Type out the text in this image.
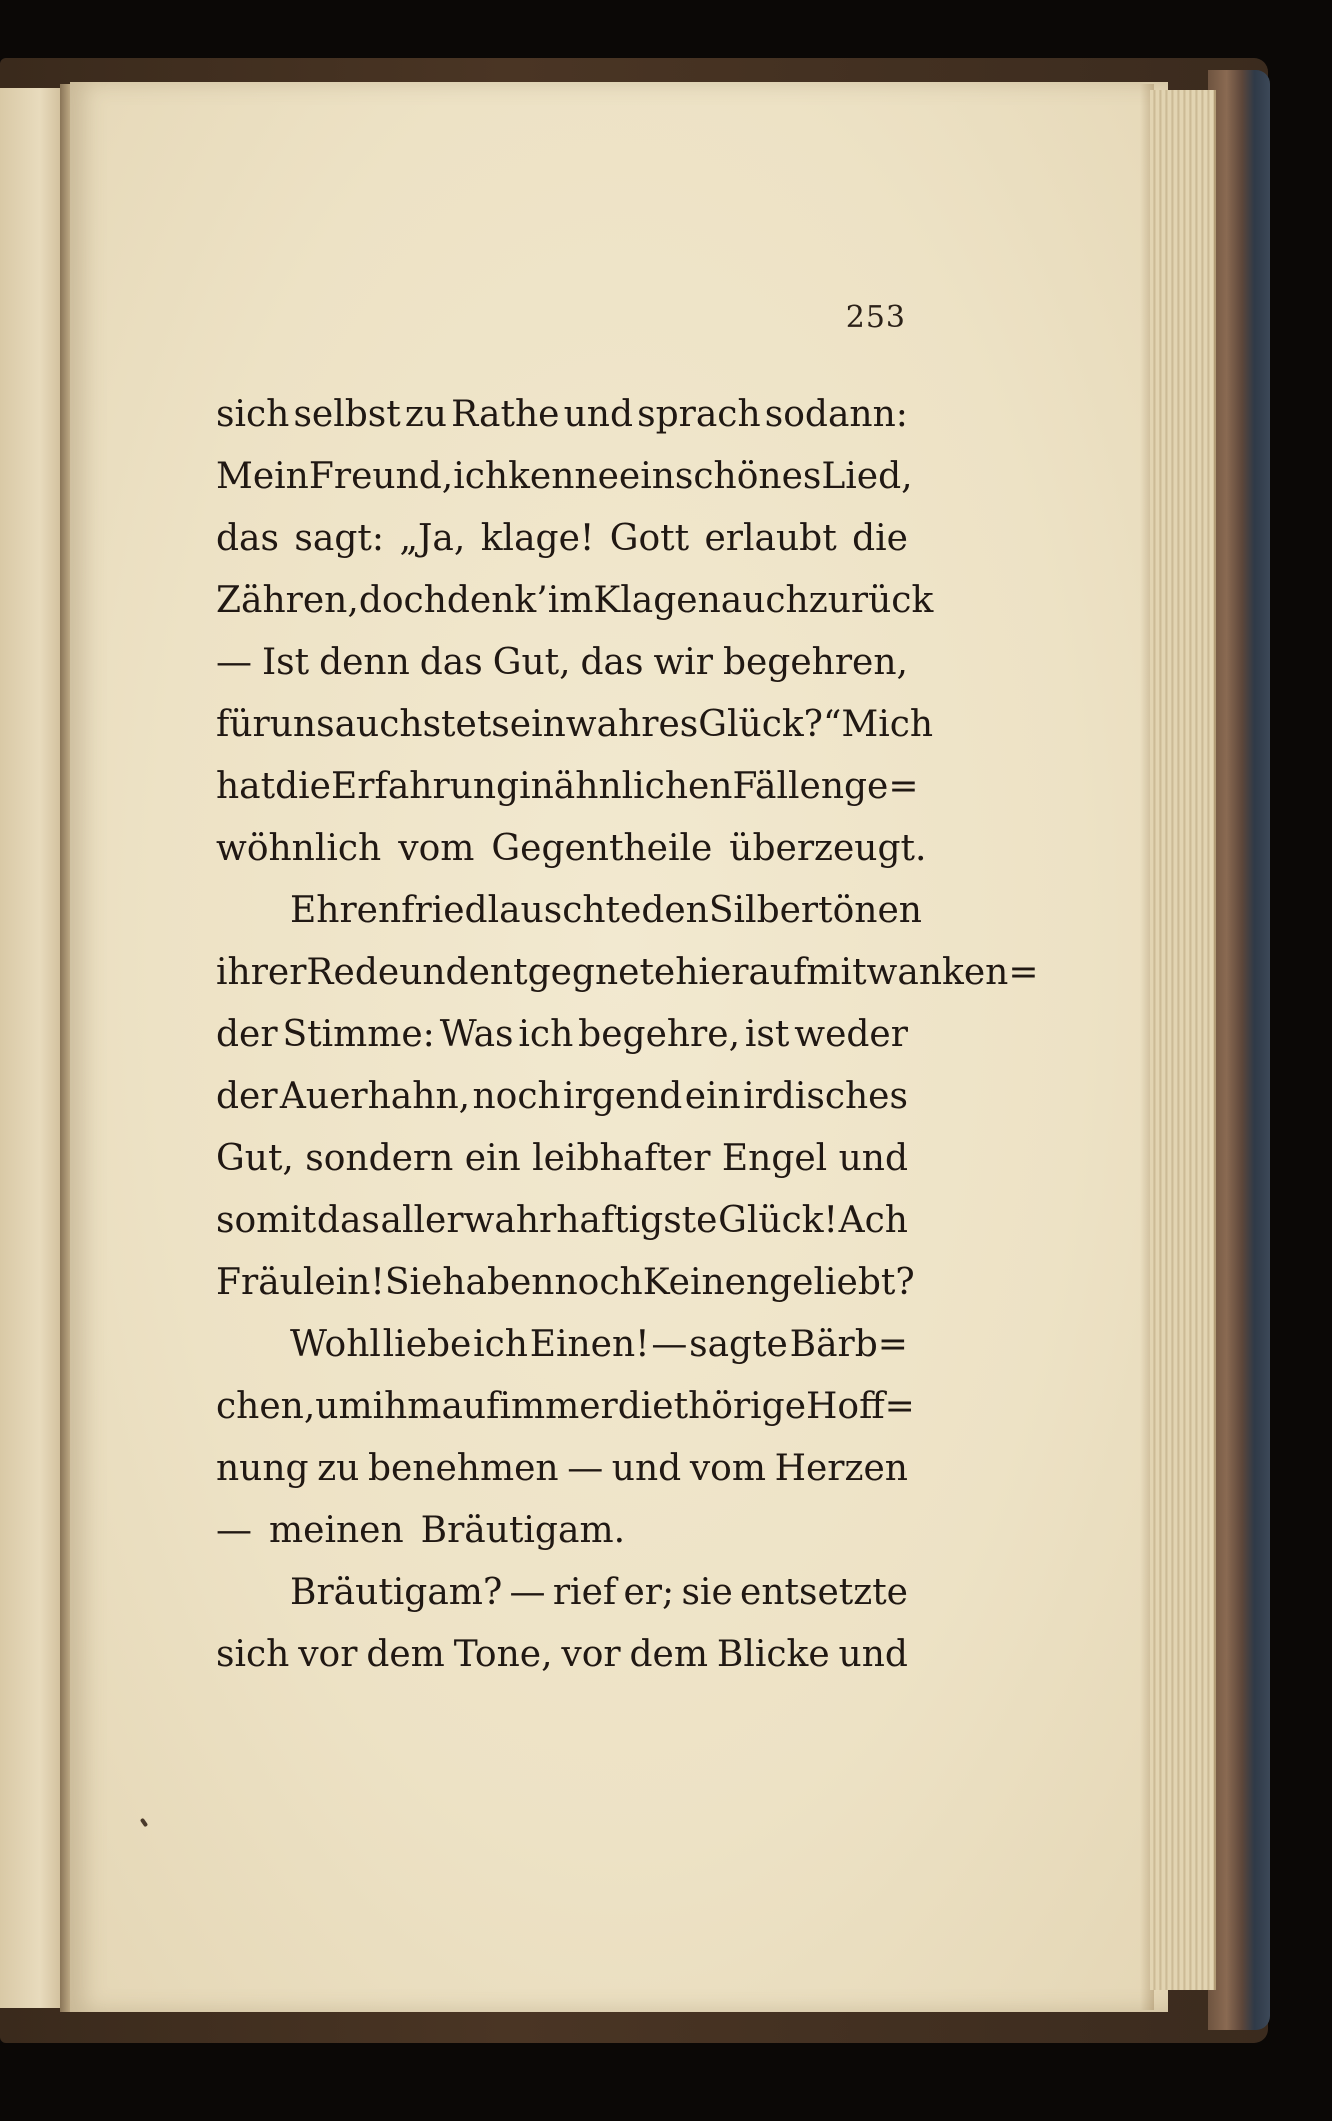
253
sich selbst zu Rathe und sprach sodann:
Mein Freund, ich kenne ein schönes Lied,
das sagt: „Ja, klage! Gott erlaubt die
Zähren, doch denk’ im Klagen auch zurück
— Ist denn das Gut, das wir begehren,
für uns auch stets ein wahres Glück?“ Mich
hat die Erfahrung in ähnlichen Fällen ge=
wöhnlich vom Gegentheile überzeugt.
Ehrenfried lauschte den Silbertönen
ihrer Rede und entgegnete hierauf mit wanken=
der Stimme: Was ich begehre, ist weder
der Auerhahn, noch irgend ein irdisches
Gut, sondern ein leibhafter Engel und
somit das allerwahrhaftigste Glück! Ach
Fräulein! Sie haben noch Keinen geliebt?
Wohl liebe ich Einen! — sagte Bärb=
chen, um ihm auf immer die thörige Hoff=
nung zu benehmen — und vom Herzen
— meinen Bräutigam.
Bräutigam? — rief er; sie entsetzte
sich vor dem Tone, vor dem Blicke und
